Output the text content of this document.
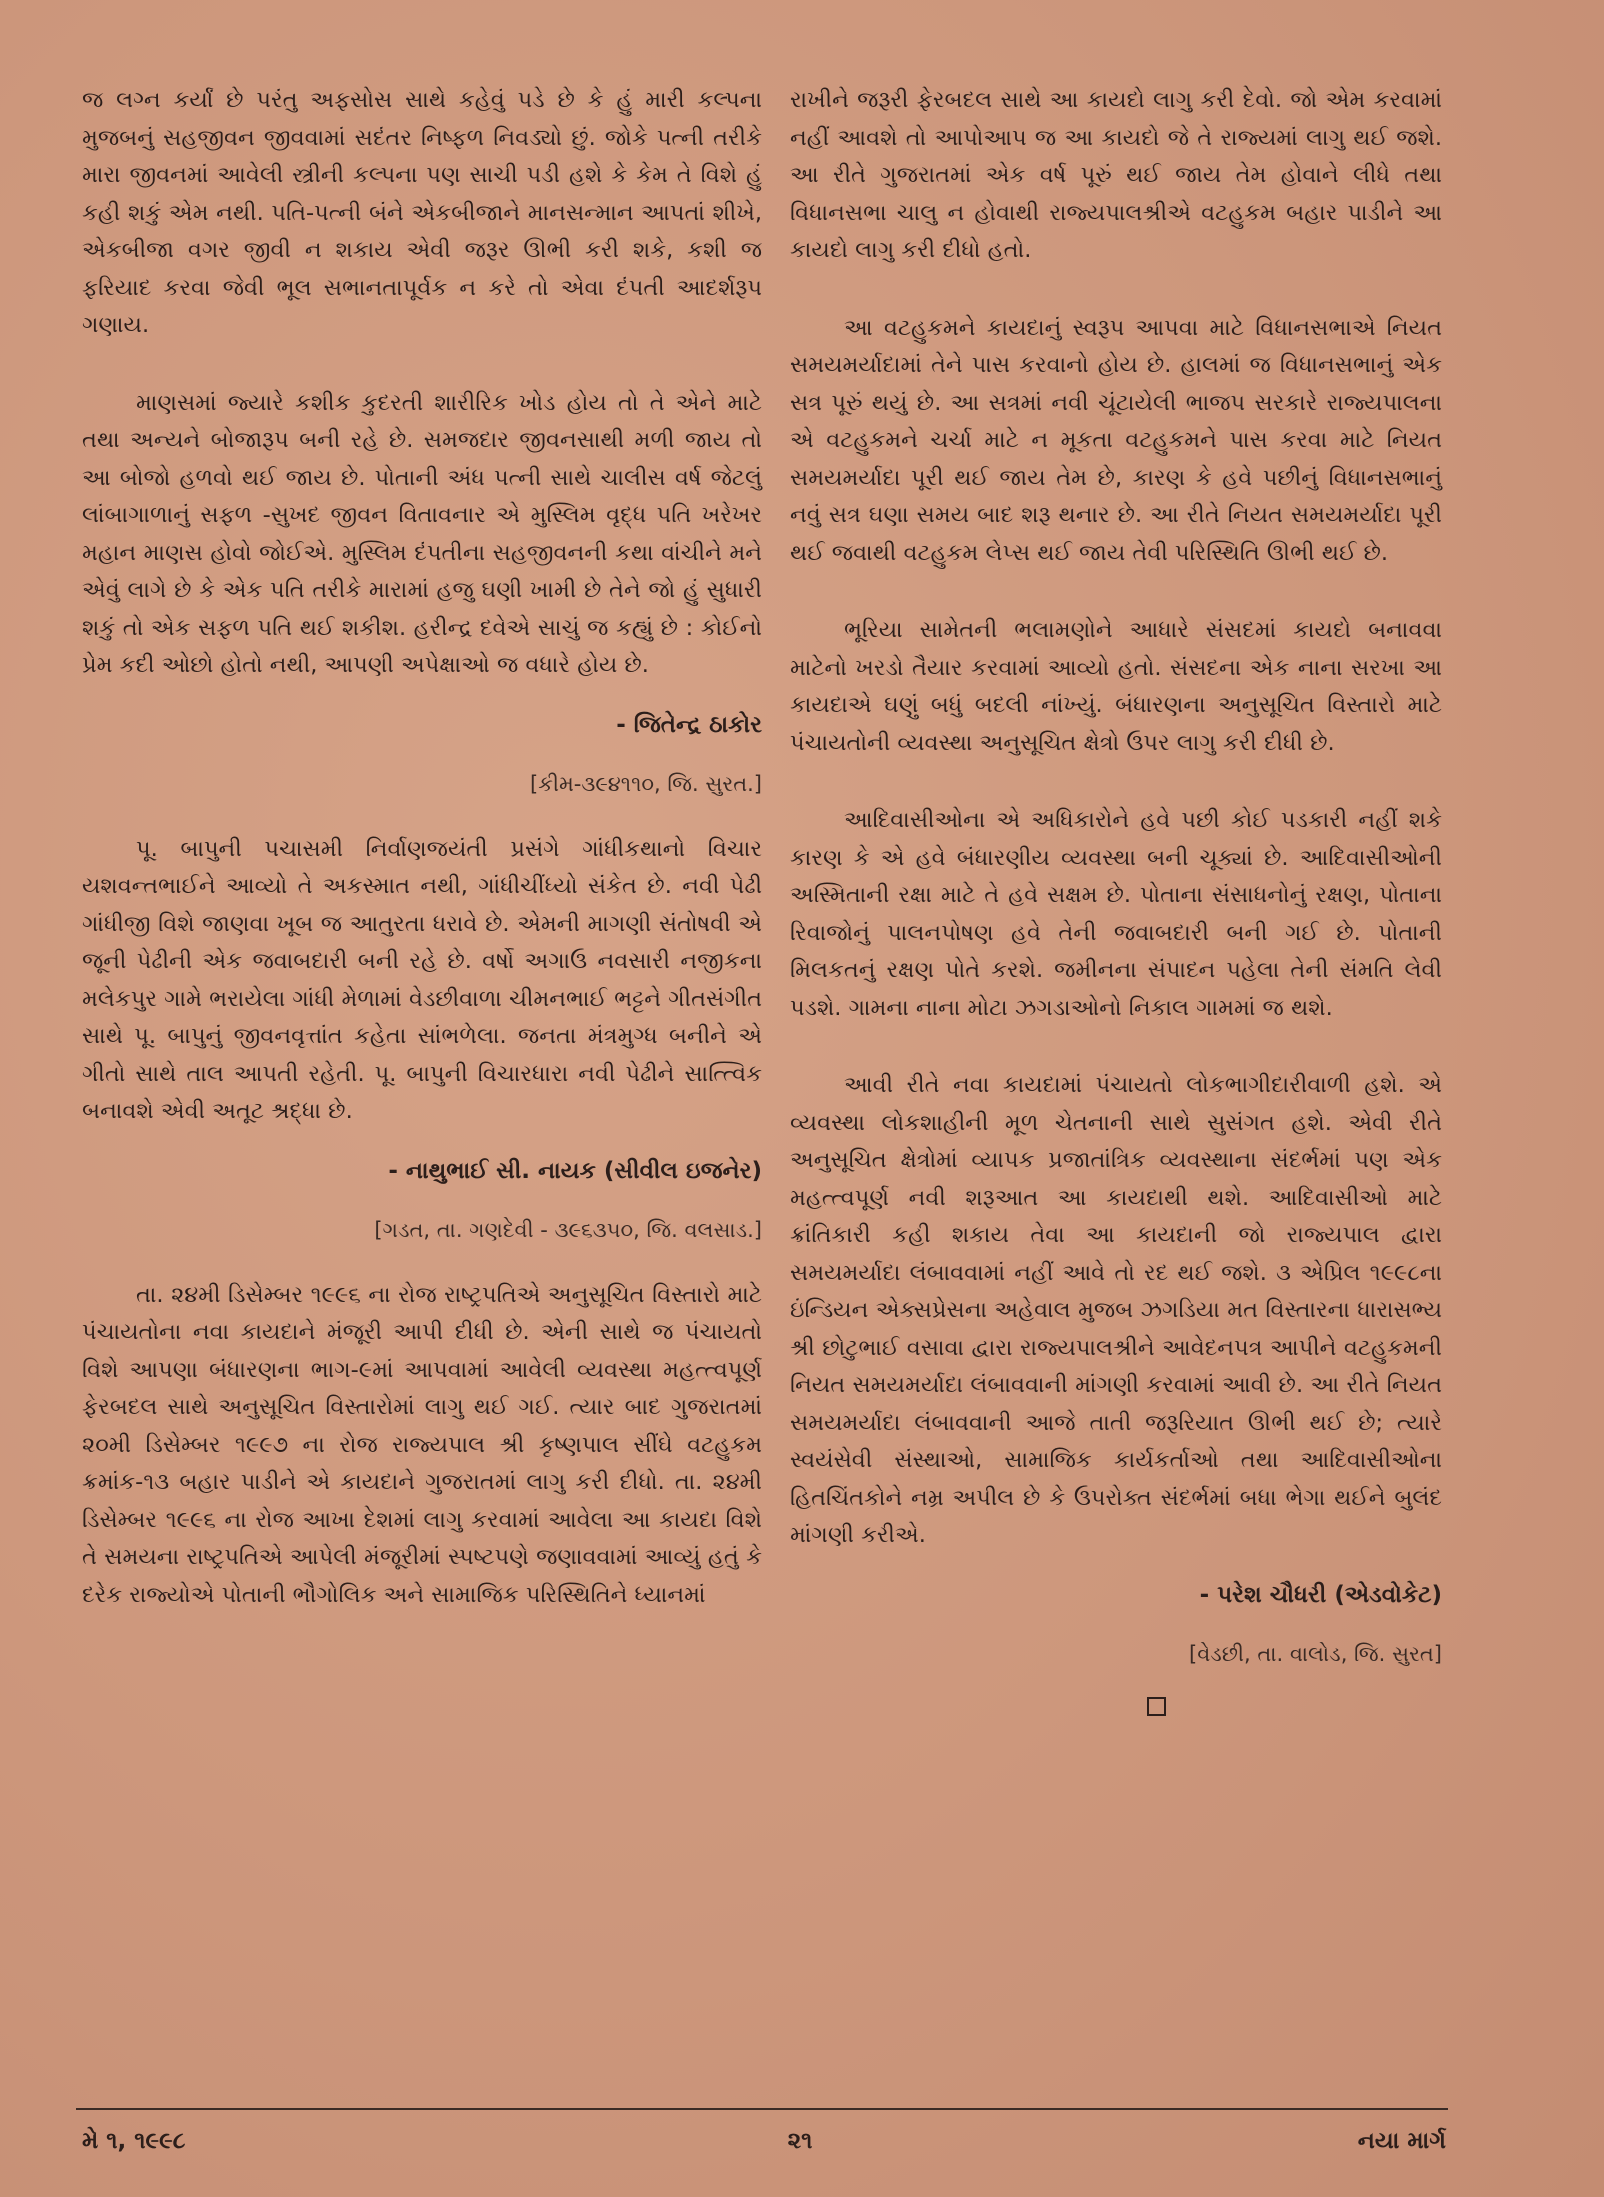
જ લગ્ન કર્યાં છે પરંતુ અફસોસ સાથે કહેવું પડે છે કે હું મારી કલ્પના મુજબનું સહજીવન જીવવામાં સદંતર નિષ્ફળ નિવડ્યો છું. જોકે પત્ની તરીકે મારા જીવનમાં આવેલી સ્ત્રીની કલ્પના પણ સાચી પડી હશે કે કેમ તે વિશે હું કહી શકું એમ નથી. પતિ-પત્ની બંને એકબીજાને માનસન્માન આપતાં શીખે, એકબીજા વગર જીવી ન શકાય એવી જરૂર ઊભી કરી શકે, કશી જ ફરિયાદ કરવા જેવી ભૂલ સભાનતાપૂર્વક ન કરે તો એવા દંપતી આદર્શરૂપ ગણાય.

માણસમાં જ્યારે કશીક કુદરતી શારીરિક ખોડ હોય તો તે એને માટે તથા અન્યને બોજારૂપ બની રહે છે. સમજદાર જીવનસાથી મળી જાય તો આ બોજો હળવો થઈ જાય છે. પોતાની અંધ પત્ની સાથે ચાલીસ વર્ષ જેટલું લાંબાગાળાનું સફળ -સુખદ જીવન વિતાવનાર એ મુસ્લિમ વૃદ્ધ પતિ ખરેખર મહાન માણસ હોવો જોઈએ. મુસ્લિમ દંપતીના સહજીવનની કથા વાંચીને મને એવું લાગે છે કે એક પતિ તરીકે મારામાં હજુ ઘણી ખામી છે તેને જો હું સુધારી શકું તો એક સફળ પતિ થઈ શકીશ. હરીન્દ્ર દવેએ સાચું જ કહ્યું છે : કોઈનો પ્રેમ કદી ઓછો હોતો નથી, આપણી અપેક્ષાઓ જ વધારે હોય છે.

- જિતેન્દ્ર ઠાકોર
[કીમ-૩૯૪૧૧૦, જિ. સુરત.]

પૂ. બાપુની પચાસમી નિર્વાણજયંતી પ્રસંગે ગાંધીકથાનો વિચાર યશવન્તભાઈને આવ્યો તે અકસ્માત નથી, ગાંધીચીંધ્યો સંકેત છે. નવી પેઢી ગાંધીજી વિશે જાણવા ખૂબ જ આતુરતા ધરાવે છે. એમની માગણી સંતોષવી એ જૂની પેઢીની એક જવાબદારી બની રહે છે. વર્ષો અગાઉ નવસારી નજીકના મલેકપુર ગામે ભરાયેલા ગાંધી મેળામાં વેડછીવાળા ચીમનભાઈ ભટ્ટને ગીતસંગીત સાથે પૂ. બાપુનું જીવનવૃત્તાંત કહેતા સાંભળેલા. જનતા મંત્રમુગ્ધ બનીને એ ગીતો સાથે તાલ આપતી રહેતી. પૂ. બાપુની વિચારધારા નવી પેઢીને સાત્ત્વિક બનાવશે એવી અતૂટ શ્રદ્ધા છે.

- નાથુભાઈ સી. નાયક (સીવીલ ઇજનેર)
[ગડત, તા. ગણદેવી - ૩૯૬૩૫૦, જિ. વલસાડ.]

તા. ૨૪મી ડિસેમ્બર ૧૯૯૬ ના રોજ રાષ્ટ્રપતિએ અનુસૂચિત વિસ્તારો માટે પંચાયતોના નવા કાયદાને મંજૂરી આપી દીધી છે. એની સાથે જ પંચાયતો વિશે આપણા બંધારણના ભાગ-૯માં આપવામાં આવેલી વ્યવસ્થા મહત્ત્વપૂર્ણ ફેરબદલ સાથે અનુસૂચિત વિસ્તારોમાં લાગુ થઈ ગઈ. ત્યાર બાદ ગુજરાતમાં ૨૦મી ડિસેમ્બર ૧૯૯૭ ના રોજ રાજ્યપાલ શ્રી કૃષ્ણપાલ સીંઘે વટહુકમ ક્રમાંક-૧૩ બહાર પાડીને એ કાયદાને ગુજરાતમાં લાગુ કરી દીધો. તા. ૨૪મી ડિસેમ્બર ૧૯૯૬ ના રોજ આખા દેશમાં લાગુ કરવામાં આવેલા આ કાયદા વિશે તે સમયના રાષ્ટ્રપતિએ આપેલી મંજૂરીમાં સ્પષ્ટપણે જણાવવામાં આવ્યું હતું કે દરેક રાજ્યોએ પોતાની ભૌગોલિક અને સામાજિક પરિસ્થિતિને ધ્યાનમાં

રાખીને જરૂરી ફેરબદલ સાથે આ કાયદો લાગુ કરી દેવો. જો એમ કરવામાં નહીં આવશે તો આપોઆપ જ આ કાયદો જે તે રાજ્યમાં લાગુ થઈ જશે. આ રીતે ગુજરાતમાં એક વર્ષ પૂરું થઈ જાય તેમ હોવાને લીધે તથા વિધાનસભા ચાલુ ન હોવાથી રાજ્યપાલશ્રીએ વટહુકમ બહાર પાડીને આ કાયદો લાગુ કરી દીધો હતો.

આ વટહુકમને કાયદાનું સ્વરૂપ આપવા માટે વિધાનસભાએ નિયત સમયમર્યાદામાં તેને પાસ કરવાનો હોય છે. હાલમાં જ વિધાનસભાનું એક સત્ર પૂરું થયું છે. આ સત્રમાં નવી ચૂંટાયેલી ભાજપ સરકારે રાજ્યપાલના એ વટહુકમને ચર્ચા માટે ન મૂકતા વટહુકમને પાસ કરવા માટે નિયત સમયમર્યાદા પૂરી થઈ જાય તેમ છે, કારણ કે હવે પછીનું વિધાનસભાનું નવું સત્ર ઘણા સમય બાદ શરૂ થનાર છે. આ રીતે નિયત સમયમર્યાદા પૂરી થઈ જવાથી વટહુકમ લેપ્સ થઈ જાય તેવી પરિસ્થિતિ ઊભી થઈ છે.

ભૂરિયા સામેતની ભલામણોને આધારે સંસદમાં કાયદો બનાવવા માટેનો ખરડો તૈયાર કરવામાં આવ્યો હતો. સંસદના એક નાના સરખા આ કાયદાએ ઘણું બધું બદલી નાંખ્યું. બંધારણના અનુસૂચિત વિસ્તારો માટે પંચાયતોની વ્યવસ્થા અનુસૂચિત ક્ષેત્રો ઉપર લાગુ કરી દીધી છે.

આદિવાસીઓના એ અધિકારોને હવે પછી કોઈ પડકારી નહીં શકે કારણ કે એ હવે બંધારણીય વ્યવસ્થા બની ચૂક્યાં છે. આદિવાસીઓની અસ્મિતાની રક્ષા માટે તે હવે સક્ષમ છે. પોતાના સંસાધનોનું રક્ષણ, પોતાના રિવાજોનું પાલનપોષણ હવે તેની જવાબદારી બની ગઈ છે. પોતાની મિલકતનું રક્ષણ પોતે કરશે. જમીનના સંપાદન પહેલા તેની સંમતિ લેવી પડશે. ગામના નાના મોટા ઝગડાઓનો નિકાલ ગામમાં જ થશે.

આવી રીતે નવા કાયદામાં પંચાયતો લોકભાગીદારીવાળી હશે. એ વ્યવસ્થા લોકશાહીની મૂળ ચેતનાની સાથે સુસંગત હશે. એવી રીતે અનુસૂચિત ક્ષેત્રોમાં વ્યાપક પ્રજાતાંત્રિક વ્યવસ્થાના સંદર્ભમાં પણ એક મહત્ત્વપૂર્ણ નવી શરૂઆત આ કાયદાથી થશે. આદિવાસીઓ માટે ક્રાંતિકારી કહી શકાય તેવા આ કાયદાની જો રાજ્યપાલ દ્વારા સમયમર્યાદા લંબાવવામાં નહીં આવે તો રદ થઈ જશે. ૩ એપ્રિલ ૧૯૯૮ના ઇંન્ડિયન એક્સપ્રેસના અહેવાલ મુજબ ઝગડિયા મત વિસ્તારના ધારાસભ્ય શ્રી છોટુભાઈ વસાવા દ્વારા રાજ્યપાલશ્રીને આવેદનપત્ર આપીને વટહુકમની નિયત સમયમર્યાદા લંબાવવાની માંગણી કરવામાં આવી છે. આ રીતે નિયત સમયમર્યાદા લંબાવવાની આજે તાતી જરૂરિયાત ઊભી થઈ છે; ત્યારે સ્વયંસેવી સંસ્થાઓ, સામાજિક કાર્યકર્તાઓ તથા આદિવાસીઓના હિતચિંતકોને નમ્ર અપીલ છે કે ઉપરોક્ત સંદર્ભમાં બધા ભેગા થઈને બુલંદ માંગણી કરીએ.

- પરેશ ચૌધરી (એડવોકેટ)
[વેડછી, તા. વાલોડ, જિ. સુરત]
મે ૧, ૧૯૯૮	૨૧	નયા માર્ગ
